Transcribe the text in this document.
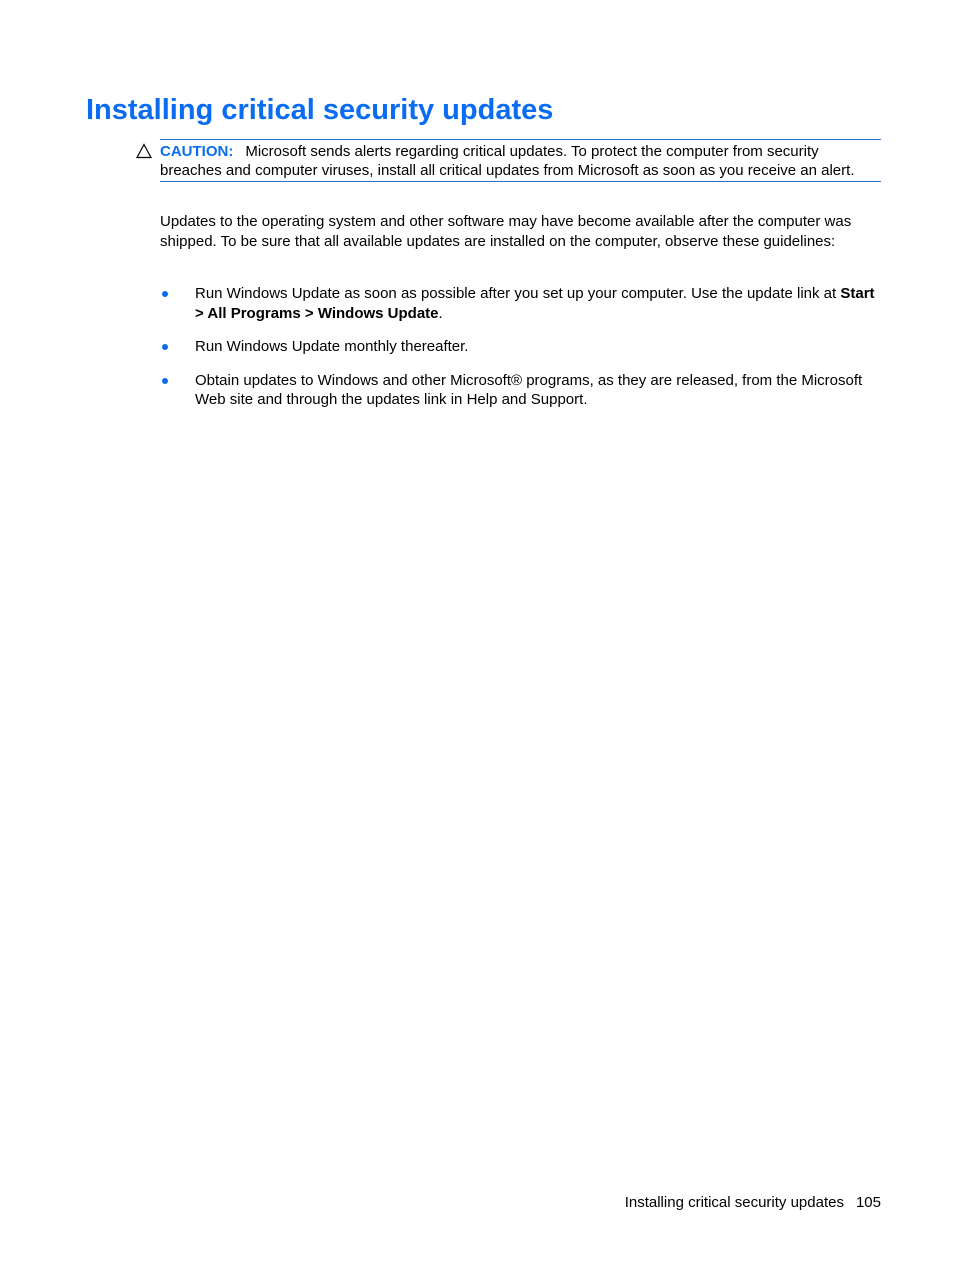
Installing critical security updates

CAUTION: Microsoft sends alerts regarding critical updates. To protect the computer from security breaches and computer viruses, install all critical updates from Microsoft as soon as you receive an alert.

Updates to the operating system and other software may have become available after the computer was shipped. To be sure that all available updates are installed on the computer, observe these guidelines:

Run Windows Update as soon as possible after you set up your computer. Use the update link at Start > All Programs > Windows Update.
Run Windows Update monthly thereafter.
Obtain updates to Windows and other Microsoft® programs, as they are released, from the Microsoft Web site and through the updates link in Help and Support.
Installing critical security updates 105
